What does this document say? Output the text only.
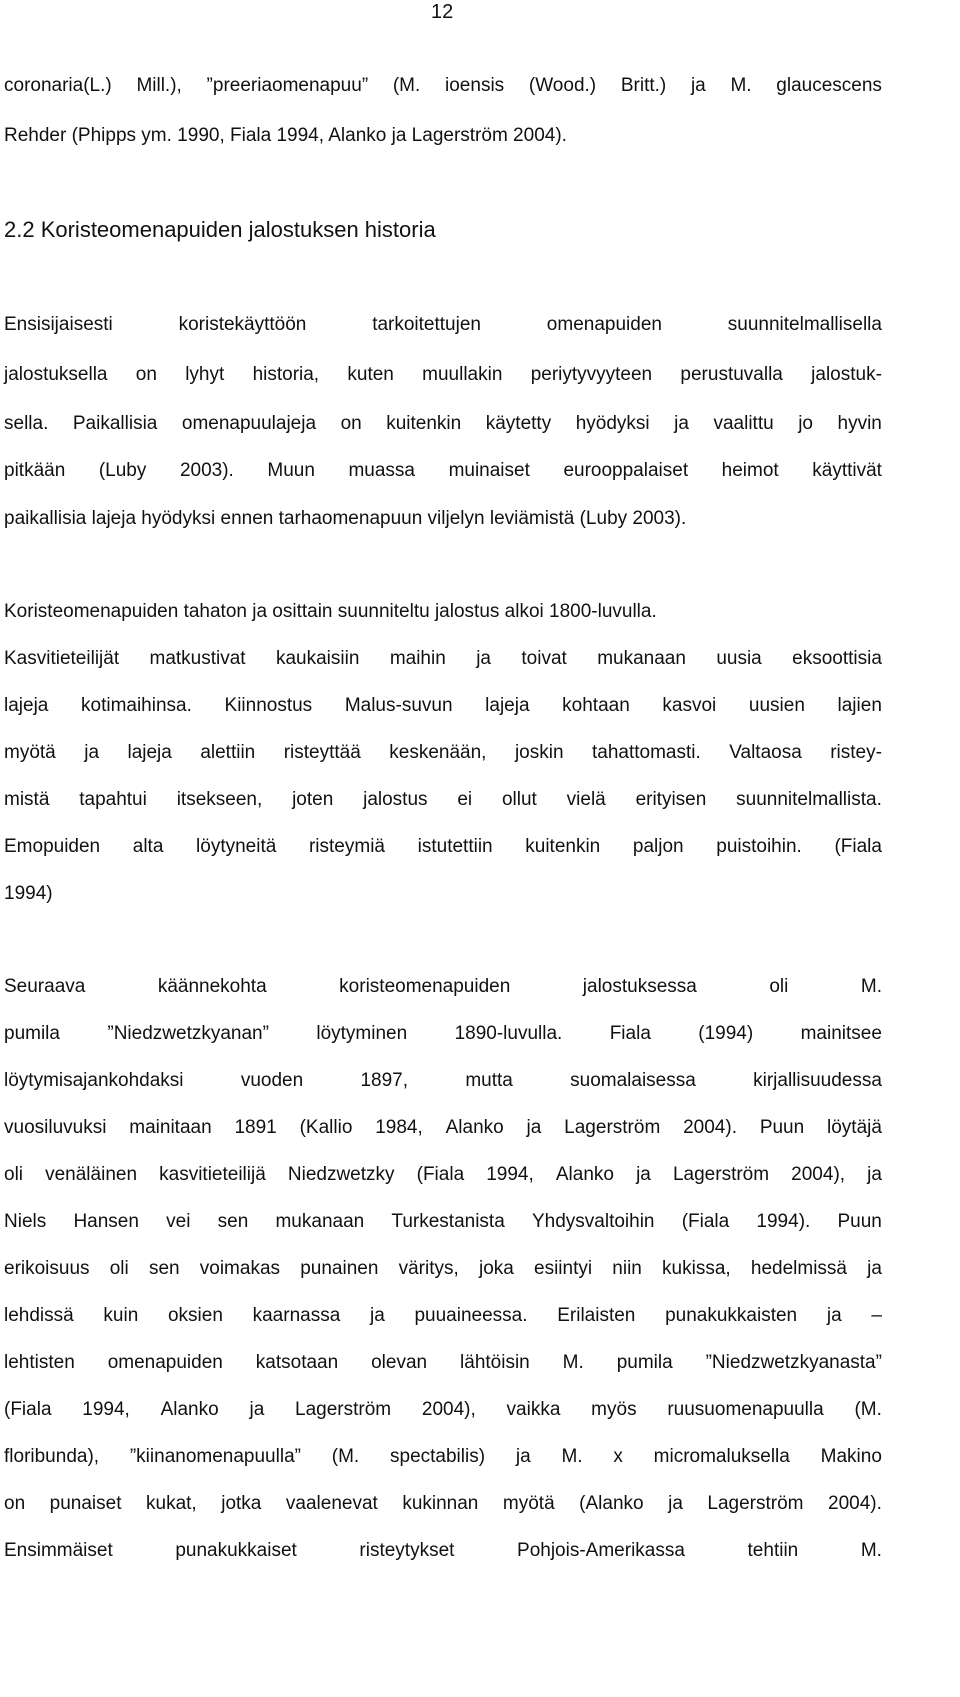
12
coronaria(L.) Mill.), ”preeriaomenapuu” (M. ioensis (Wood.) Britt.) ja M. glaucescens
Rehder (Phipps ym. 1990, Fiala 1994, Alanko ja Lagerström 2004).
2.2 Koristeomenapuiden jalostuksen historia
Ensisijaisesti	koristekäyttöön	tarkoitettujen	omenapuiden	suunnitelmallisella
jalostuksella on lyhyt historia, kuten muullakin periytyvyyteen perustuvalla jalostuk-
sella. Paikallisia omenapuulajeja on kuitenkin käytetty hyödyksi ja vaalittu jo hyvin
pitkään (Luby 2003). Muun muassa muinaiset eurooppalaiset heimot käyttivät
paikallisia lajeja hyödyksi ennen tarhaomenapuun viljelyn leviämistä (Luby 2003).
Koristeomenapuiden tahaton ja osittain suunniteltu jalostus alkoi 1800-luvulla.
Kasvitieteilijät matkustivat kaukaisiin maihin ja toivat mukanaan uusia eksoottisia
lajeja kotimaihinsa. Kiinnostus Malus-suvun lajeja kohtaan kasvoi uusien lajien
myötä ja lajeja alettiin risteyttää keskenään, joskin tahattomasti. Valtaosa ristey-
mistä tapahtui itsekseen, joten jalostus ei ollut vielä erityisen suunnitelmallista.
Emopuiden alta löytyneitä risteymiä istutettiin kuitenkin paljon puistoihin. (Fiala
1994)
Seuraava	käännekohta	koristeomenapuiden	jalostuksessa	oli	M.
pumila ”Niedzwetzkyanan” löytyminen 1890-luvulla. Fiala (1994) mainitsee
löytymisajankohdaksi	vuoden	1897,	mutta	suomalaisessa	kirjallisuudessa
vuosiluvuksi mainitaan 1891 (Kallio 1984, Alanko ja Lagerström 2004). Puun löytäjä
oli venäläinen kasvitieteilijä Niedzwetzky (Fiala 1994, Alanko ja Lagerström 2004), ja
Niels Hansen vei sen mukanaan Turkestanista Yhdysvaltoihin (Fiala 1994). Puun
erikoisuus oli sen voimakas punainen väritys, joka esiintyi niin kukissa, hedelmissä ja
lehdissä kuin oksien kaarnassa ja puuaineessa. Erilaisten punakukkaisten ja –
lehtisten omenapuiden katsotaan olevan lähtöisin M. pumila ”Niedzwetzkyanasta”
(Fiala 1994, Alanko ja Lagerström 2004), vaikka myös ruusuomenapuulla (M.
floribunda), ”kiinanomenapuulla” (M. spectabilis) ja M. x micromaluksella Makino
on punaiset kukat, jotka vaalenevat kukinnan myötä (Alanko ja Lagerström 2004).
Ensimmäiset	punakukkaiset	risteytykset	Pohjois-Amerikassa	tehtiin	M.
